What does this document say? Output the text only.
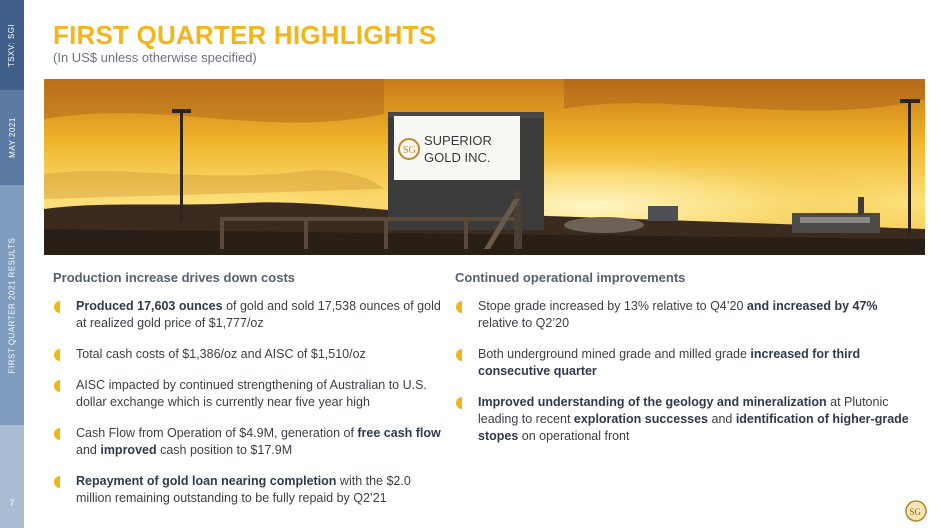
TSXV: SGI
MAY 2021
FIRST QUARTER 2021 RESULTS
7
FIRST QUARTER HIGHLIGHTS
(In US$ unless otherwise specified)
SG
SUPERIOR
GOLD INC.
Production increase drives down costs
Produced 17,603 ounces of gold and sold 17,538 ounces of gold at realized gold price of $1,777/oz
Total cash costs of $1,386/oz and AISC of $1,510/oz
AISC impacted by continued strengthening of Australian to U.S. dollar exchange which is currently near five year high
Cash Flow from Operation of $4.9M, generation of free cash flow and improved cash position to $17.9M
Repayment of gold loan nearing completion with the $2.0 million remaining outstanding to be fully repaid by Q2’21
Continued operational improvements
Stope grade increased by 13% relative to Q4’20 and increased by 47% relative to Q2’20
Both underground mined grade and milled grade increased for third consecutive quarter
Improved understanding of the geology and mineralization at Plutonic leading to recent exploration successes and identification of higher-grade stopes on operational front
SG
